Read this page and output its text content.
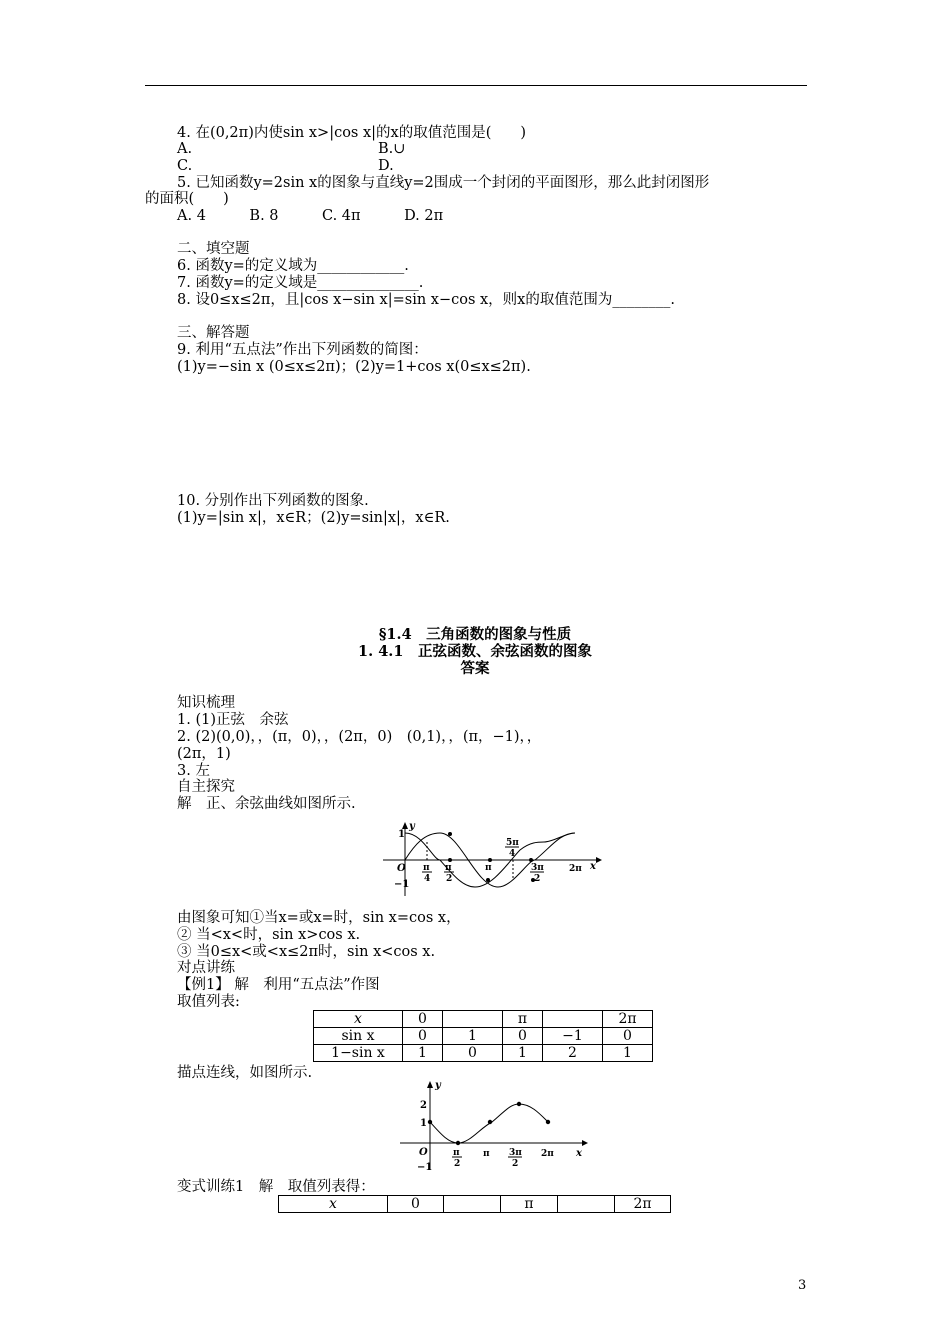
4. 在(0,2π)内使sin x>|cos x|的x的取值范围是(　　)
A.	B.∪
C.	D.
5. 已知函数y=2sin x的图象与直线y=2围成一个封闭的平面图形，那么此封闭图形
的面积(　　)
A. 4　　　B. 8　　　C. 4π　　　D. 2π
二、填空题
6. 函数y=的定义域为____________.
7. 函数y=的定义域是______________.
8. 设0≤x≤2π，且|cos x−sin x|=sin x−cos x，则x的取值范围为________.
三、解答题
9. 利用“五点法”作出下列函数的简图：
(1)y=−sin x (0≤x≤2π)；(2)y=1+cos x(0≤x≤2π).
10. 分别作出下列函数的图象.
(1)y=|sin x|，x∈R；(2)y=sin|x|，x∈R.
§1.4　三角函数的图象与性质
1. 4.1　正弦函数、余弦函数的图象
答案
知识梳理
1. (1)正弦　余弦
2. (2)(0,0)，，(π，0)，，(2π，0)　(0,1)，，(π，−1)，，
(2π，1)
3. 左
自主探究
解　正、余弦曲线如图所示.
y
x
O
1
−1
π
4
π
2
π
5π
4
3π
2
2π
由图象可知①当x=或x=时，sin x=cos x，
② 当<x<时，sin x>cos x.
③ 当0≤x<或<x≤2π时，sin x<cos x.
对点讲练
【例1】 解　利用“五点法”作图
取值列表:
x	0		π		2π
sin x	0	1	0	−1	0
1−sin x	1	0	1	2	1
描点连线，如图所示.
y
x
O
2
1
−1
π
2
π 3π
2
2π
变式训练1　解　取值列表得：
x	0		π		2π
3
